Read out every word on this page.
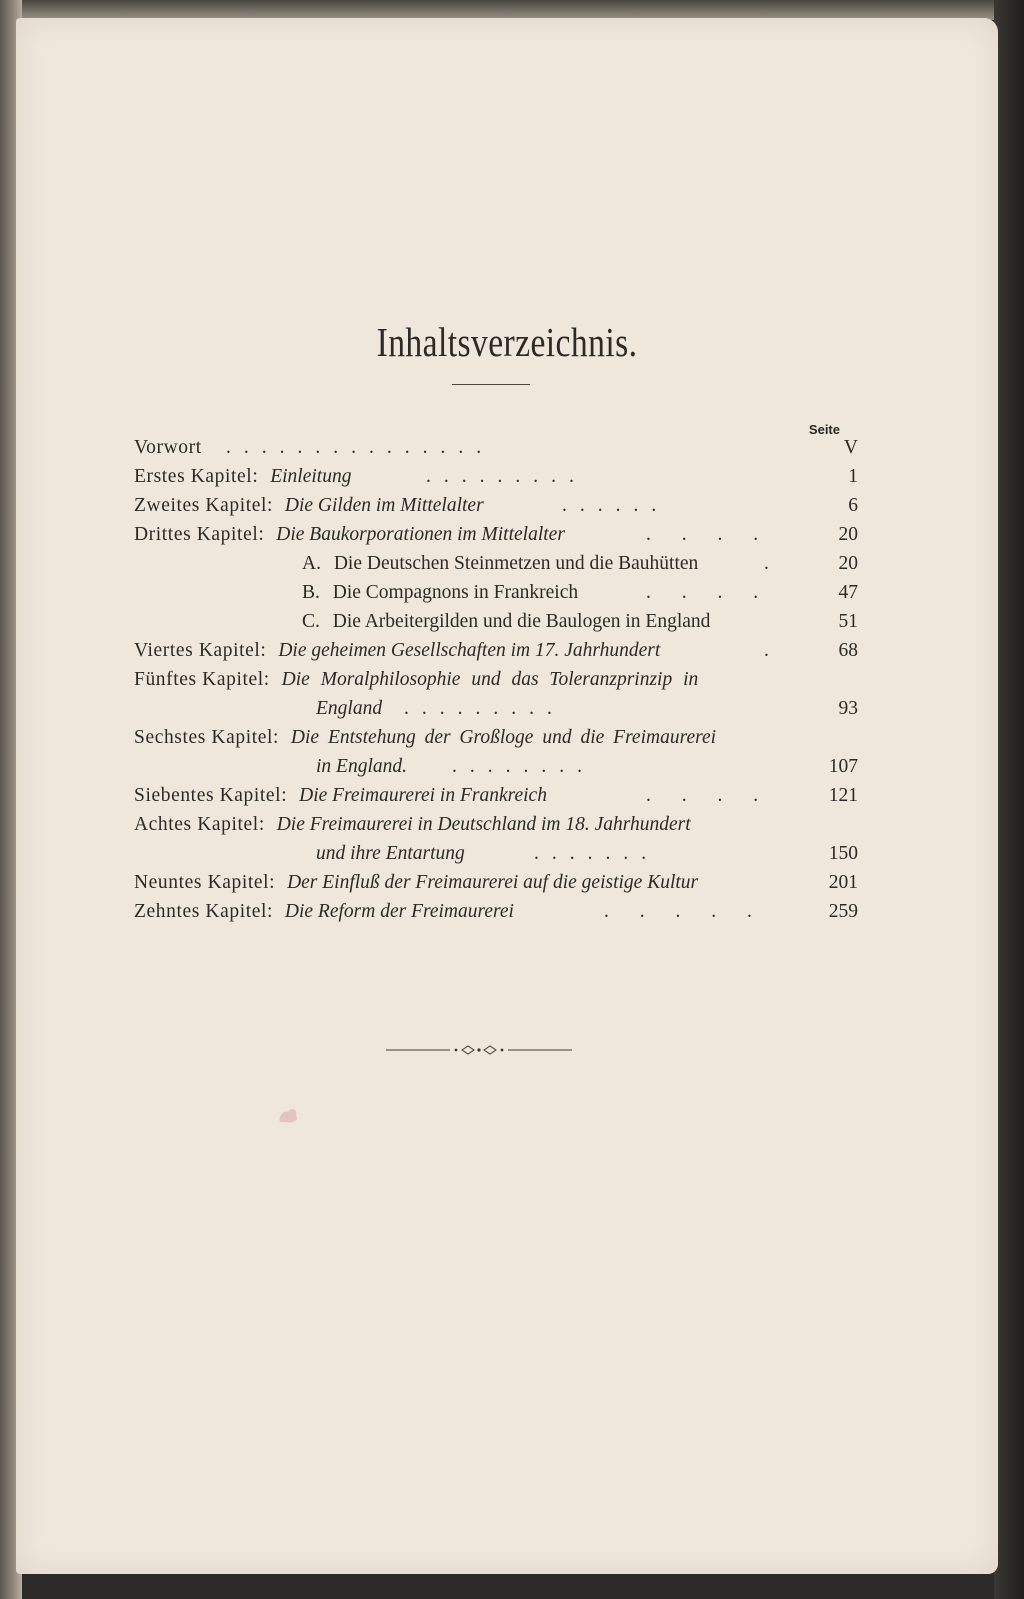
Inhaltsverzeichnis.
Seite
Vorwort ...............	V
Erstes Kapitel: Einleitung	.........	1
Zweites Kapitel: Die Gilden im Mittelalter	......	6
Drittes Kapitel: Die Baukorporationen im Mittelalter	. . . .	20
A. Die Deutschen Steinmetzen und die Bauhütten	.	20
B. Die Compagnons in Frankreich	. . . .	47
C. Die Arbeitergilden und die Baulogen in England	51
Viertes Kapitel: Die geheimen Gesellschaften im 17. Jahrhundert	.	68
Fünftes Kapitel: Die Moralphilosophie und das Toleranzprinzip in
England .........	93
Sechstes Kapitel: Die Entstehung der Großloge und die Freimaurerei
in England. ........	107
Siebentes Kapitel: Die Freimaurerei in Frankreich	. . . .	121
Achtes Kapitel: Die Freimaurerei in Deutschland im 18. Jahrhundert
und ihre Entartung	.......	150
Neuntes Kapitel: Der Einfluß der Freimaurerei auf die geistige Kultur	201
Zehntes Kapitel: Die Reform der Freimaurerei	. . . . .	259
